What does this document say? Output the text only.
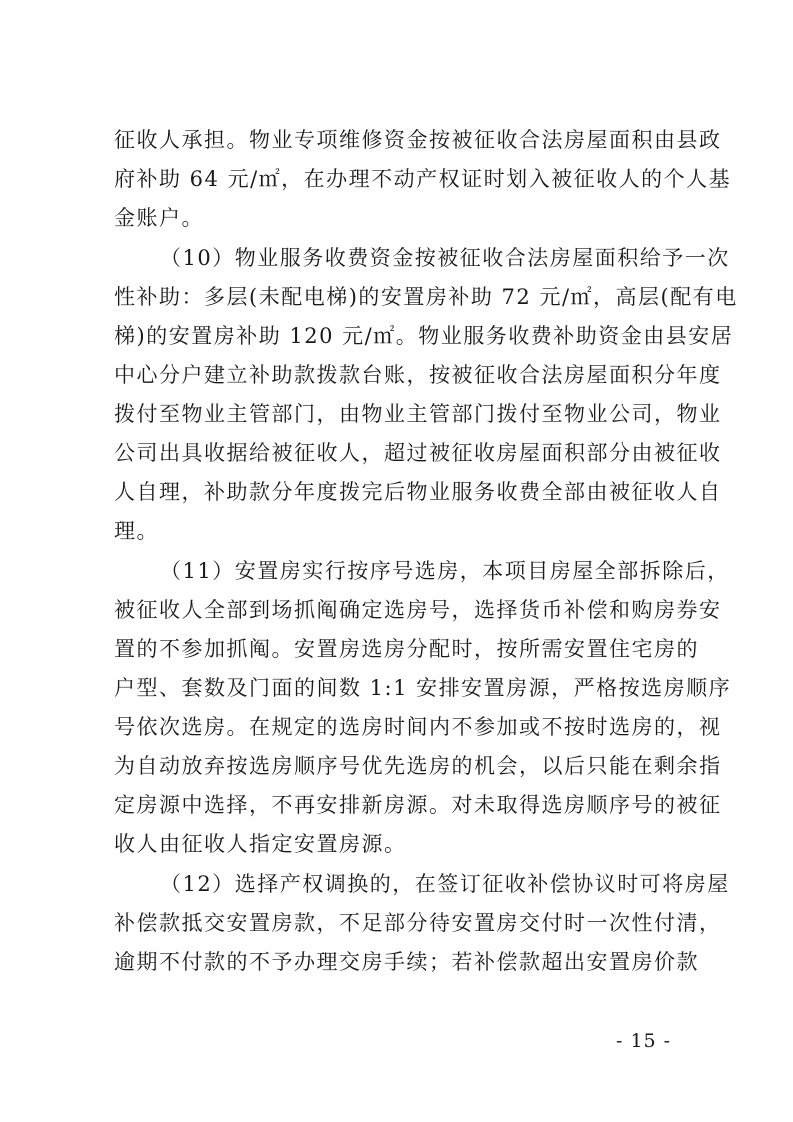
征收人承担。物业专项维修资金按被征收合法房屋面积由县政
府补助 64 元/㎡，在办理不动产权证时划入被征收人的个人基
金账户。
（10）物业服务收费资金按被征收合法房屋面积给予一次
性补助：多层(未配电梯)的安置房补助 72 元/㎡，高层(配有电
梯)的安置房补助 120 元/㎡。物业服务收费补助资金由县安居
中心分户建立补助款拨款台账，按被征收合法房屋面积分年度
拨付至物业主管部门，由物业主管部门拨付至物业公司，物业
公司出具收据给被征收人，超过被征收房屋面积部分由被征收
人自理，补助款分年度拨完后物业服务收费全部由被征收人自
理。
（11）安置房实行按序号选房，本项目房屋全部拆除后，
被征收人全部到场抓阄确定选房号，选择货币补偿和购房券安
置的不参加抓阄。安置房选房分配时，按所需安置住宅房的
户型、套数及门面的间数 1:1 安排安置房源，严格按选房顺序
号依次选房。在规定的选房时间内不参加或不按时选房的，视
为自动放弃按选房顺序号优先选房的机会，以后只能在剩余指
定房源中选择，不再安排新房源。对未取得选房顺序号的被征
收人由征收人指定安置房源。
（12）选择产权调换的，在签订征收补偿协议时可将房屋
补偿款抵交安置房款，不足部分待安置房交付时一次性付清，
逾期不付款的不予办理交房手续；若补偿款超出安置房价款
- 15 -
